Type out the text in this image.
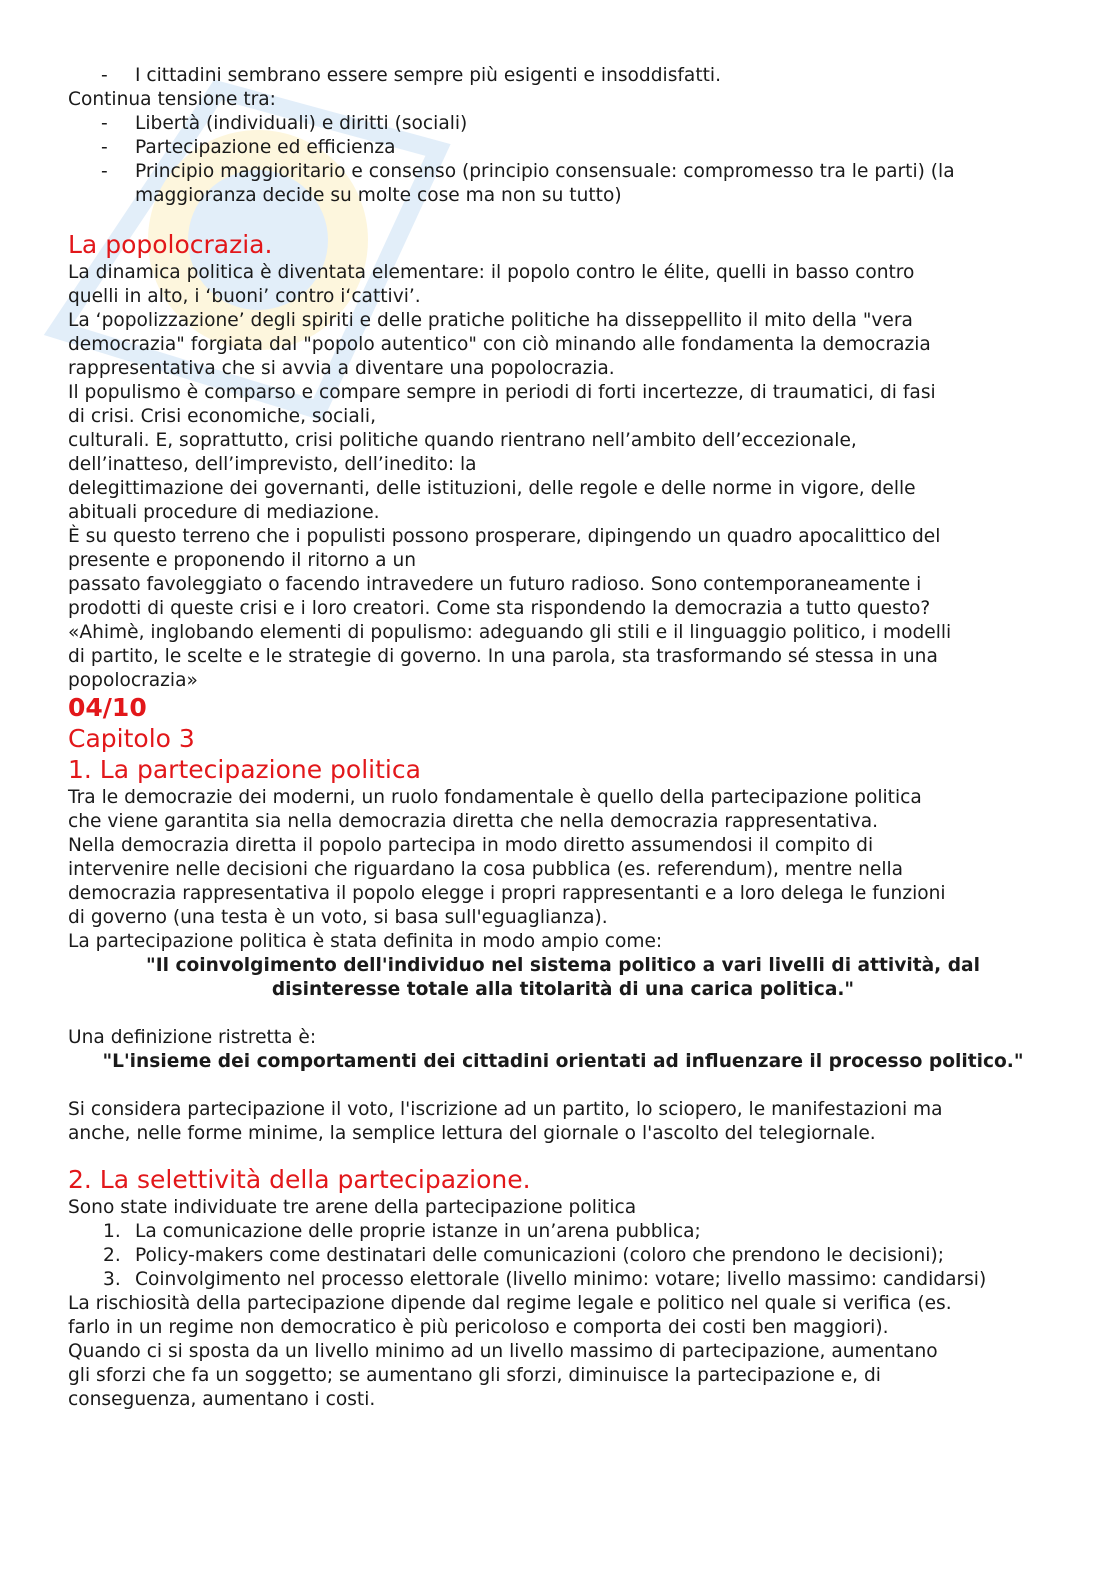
- I cittadini sembrano essere sempre più esigenti e insoddisfatti.

Continua tensione tra:

- Libertà (individuali) e diritti (sociali)
- Partecipazione ed efficienza
- Principio maggioritario e consenso (principio consensuale: compromesso tra le parti) (la maggioranza decide su molte cose ma non su tutto)
La popolocrazia.

La dinamica politica è diventata elementare: il popolo contro le élite, quelli in basso contro

quelli in alto, i ‘buoni’ contro i‘cattivi’.

La ‘popolizzazione’ degli spiriti e delle pratiche politiche ha disseppellito il mito della "vera

democrazia" forgiata dal "popolo autentico" con ciò minando alle fondamenta la democrazia

rappresentativa che si avvia a diventare una popolocrazia.

Il populismo è comparso e compare sempre in periodi di forti incertezze, di traumatici, di fasi

di crisi. Crisi economiche, sociali,

culturali. E, soprattutto, crisi politiche quando rientrano nell’ambito dell’eccezionale,

dell’inatteso, dell’imprevisto, dell’inedito: la

delegittimazione dei governanti, delle istituzioni, delle regole e delle norme in vigore, delle

abituali procedure di mediazione.

È su questo terreno che i populisti possono prosperare, dipingendo un quadro apocalittico del

presente e proponendo il ritorno a un

passato favoleggiato o facendo intravedere un futuro radioso. Sono contemporaneamente i

prodotti di queste crisi e i loro creatori. Come sta rispondendo la democrazia a tutto questo?

«Ahimè, inglobando elementi di populismo: adeguando gli stili e il linguaggio politico, i modelli

di partito, le scelte e le strategie di governo. In una parola, sta trasformando sé stessa in una

popolocrazia»

04/10

Capitolo 3

1. La partecipazione politica

Tra le democrazie dei moderni, un ruolo fondamentale è quello della partecipazione politica

che viene garantita sia nella democrazia diretta che nella democrazia rappresentativa.

Nella democrazia diretta il popolo partecipa in modo diretto assumendosi il compito di

intervenire nelle decisioni che riguardano la cosa pubblica (es. referendum), mentre nella

democrazia rappresentativa il popolo elegge i propri rappresentanti e a loro delega le funzioni

di governo (una testa è un voto, si basa sull'eguaglianza).

La partecipazione politica è stata definita in modo ampio come:

"Il coinvolgimento dell'individuo nel sistema politico a vari livelli di attività, dal disinteresse totale alla titolarità di una carica politica."

Una definizione ristretta è:

"L'insieme dei comportamenti dei cittadini orientati ad influenzare il processo politico."

Si considera partecipazione il voto, l'iscrizione ad un partito, lo sciopero, le manifestazioni ma

anche, nelle forme minime, la semplice lettura del giornale o l'ascolto del telegiornale.

2. La selettività della partecipazione.

Sono state individuate tre arene della partecipazione politica

1. La comunicazione delle proprie istanze in un’arena pubblica;
2. Policy-makers come destinatari delle comunicazioni (coloro che prendono le decisioni);
3. Coinvolgimento nel processo elettorale (livello minimo: votare; livello massimo: candidarsi)

La rischiosità della partecipazione dipende dal regime legale e politico nel quale si verifica (es.

farlo in un regime non democratico è più pericoloso e comporta dei costi ben maggiori).

Quando ci si sposta da un livello minimo ad un livello massimo di partecipazione, aumentano

gli sforzi che fa un soggetto; se aumentano gli sforzi, diminuisce la partecipazione e, di

conseguenza, aumentano i costi.
